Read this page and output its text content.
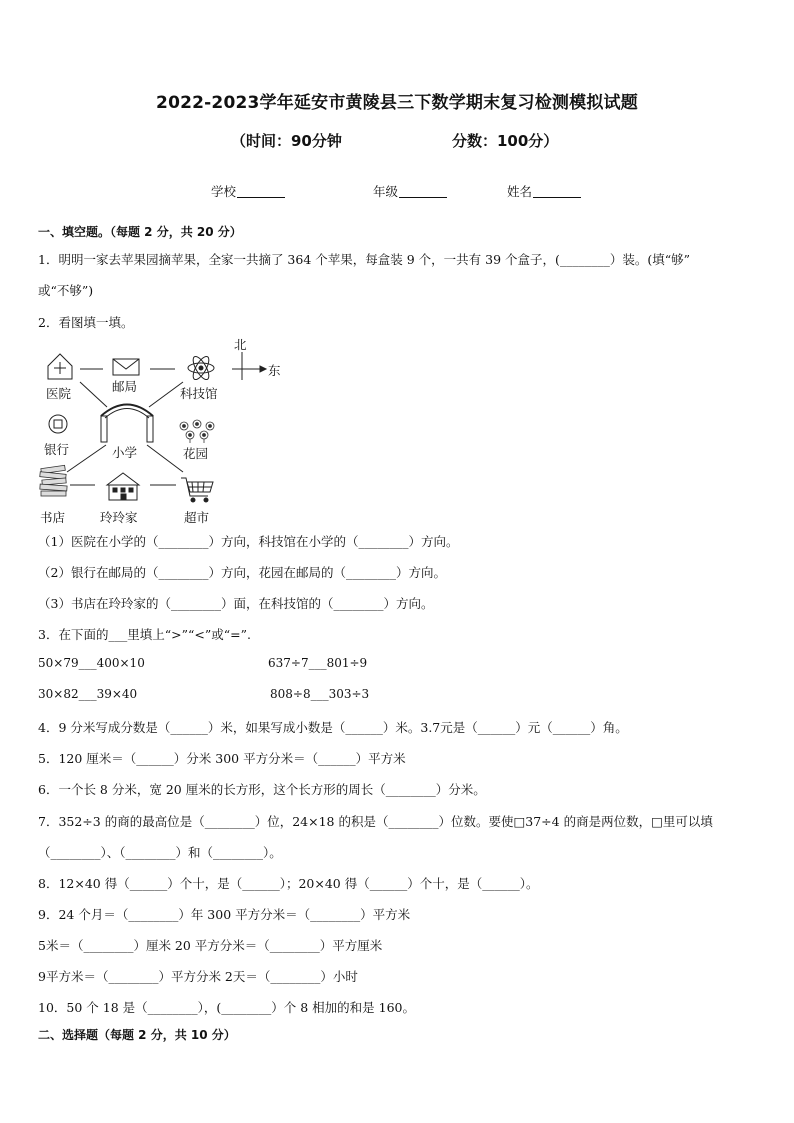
2022-2023学年延安市黄陵县三下数学期末复习检测模拟试题
（时间：90分钟	分数：100分）
学校	年级	姓名
一、填空题。（每题 2 分，共 20 分）
1．明明一家去苹果园摘苹果，全家一共摘了 364 个苹果，每盒装 9 个，一共有 39 个盒子，(________）装。(填“够”
或“不够”)
2．看图填一填。
北
东
医院	邮局	科技馆
银行	小学	花园
书店	玲玲家	超市
（1）医院在小学的（________）方向，科技馆在小学的（________）方向。
（2）银行在邮局的（________）方向，花园在邮局的（________）方向。
（3）书店在玲玲家的（________）面，在科技馆的（________）方向。
3．在下面的___里填上“>”“<”或“=”.
50×79___400×10	637÷7___801÷9
30×82___39×40	808÷8___303÷3
4．9 分米写成分数是（______）米，如果写成小数是（______）米。3.7元是（______）元（______）角。
5．120 厘米＝（______）分米 300 平方分米＝（______）平方米
6．一个长 8 分米，宽 20 厘米的长方形，这个长方形的周长（________）分米。
7．352÷3 的商的最高位是（________）位，24×18 的积是（________）位数。要使□37÷4 的商是两位数，□里可以填
（________）、（________）和（________）。
8．12×40 得（______）个十，是（______）；20×40 得（______）个十，是（______）。
9．24 个月＝（________）年 300 平方分米＝（________）平方米
5米＝（________）厘米 20 平方分米＝（________）平方厘米
9平方米＝（________）平方分米 2天＝（________）小时
10．50 个 18 是（________），(________）个 8 相加的和是 160。
二、选择题（每题 2 分，共 10 分）
